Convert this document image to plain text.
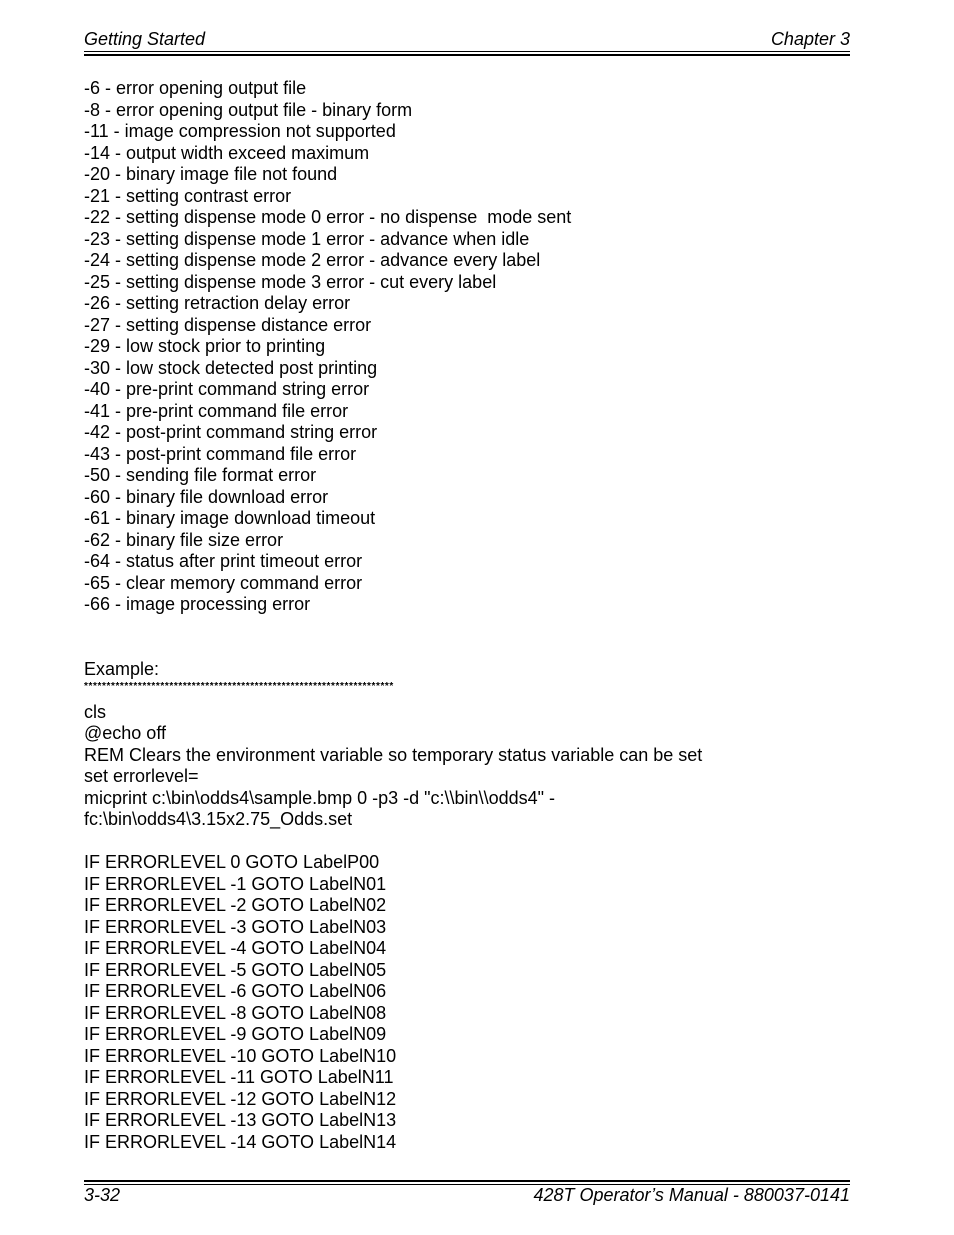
Getting Started	Chapter 3
-6 - error opening output file
-8 - error opening output file - binary form
-11 - image compression not supported
-14 - output width exceed maximum
-20 - binary image file not found
-21 - setting contrast error
-22 - setting dispense mode 0 error - no dispense  mode sent
-23 - setting dispense mode 1 error - advance when idle
-24 - setting dispense mode 2 error - advance every label
-25 - setting dispense mode 3 error - cut every label
-26 - setting retraction delay error
-27 - setting dispense distance error
-29 - low stock prior to printing
-30 - low stock detected post printing
-40 - pre-print command string error
-41 - pre-print command file error
-42 - post-print command string error
-43 - post-print command file error
-50 - sending file format error
-60 - binary file download error
-61 - binary image download timeout
-62 - binary file size error
-64 - status after print timeout error
-65 - clear memory command error
-66 - image processing error
Example:
*********************************************************************
cls
@echo off
REM Clears the environment variable so temporary status variable can be set
set errorlevel=
micprint c:\bin\odds4\sample.bmp 0 -p3 -d "c:\\bin\\odds4" -
fc:\bin\odds4\3.15x2.75_Odds.set
IF ERRORLEVEL 0 GOTO LabelP00
IF ERRORLEVEL -1 GOTO LabelN01
IF ERRORLEVEL -2 GOTO LabelN02
IF ERRORLEVEL -3 GOTO LabelN03
IF ERRORLEVEL -4 GOTO LabelN04
IF ERRORLEVEL -5 GOTO LabelN05
IF ERRORLEVEL -6 GOTO LabelN06
IF ERRORLEVEL -8 GOTO LabelN08
IF ERRORLEVEL -9 GOTO LabelN09
IF ERRORLEVEL -10 GOTO LabelN10
IF ERRORLEVEL -11 GOTO LabelN11
IF ERRORLEVEL -12 GOTO LabelN12
IF ERRORLEVEL -13 GOTO LabelN13
IF ERRORLEVEL -14 GOTO LabelN14
3-32	428T Operator’s Manual - 880037-0141
